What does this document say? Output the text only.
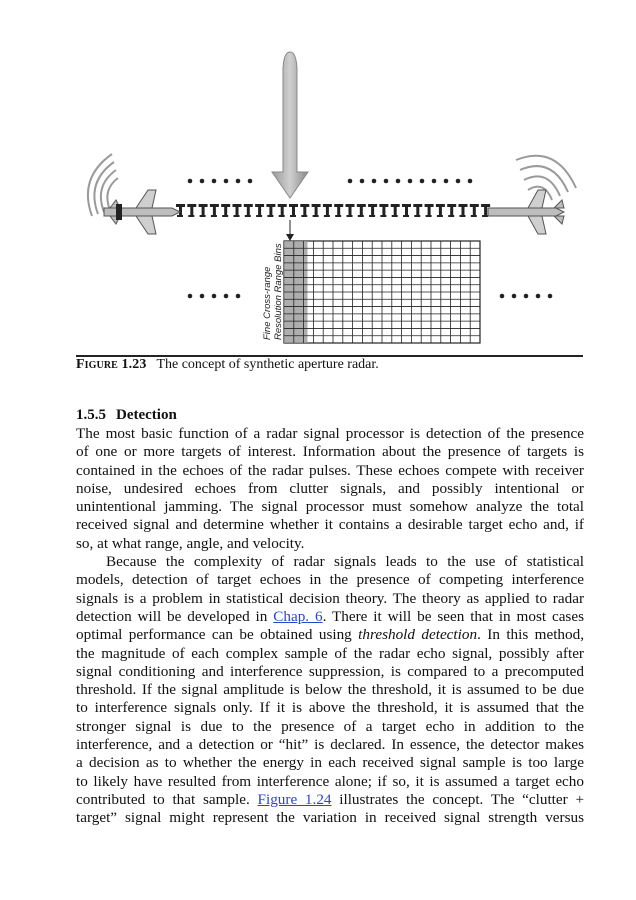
Fine Cross-range Resolution Range Bins
Figure 1.23 The concept of synthetic aperture radar.
1.5.5 Detection
The most basic function of a radar signal processor is detection of the presence
of one or more targets of interest. Information about the presence of targets is
contained in the echoes of the radar pulses. These echoes compete with receiver
noise, undesired echoes from clutter signals, and possibly intentional or
unintentional jamming. The signal processor must somehow analyze the total
received signal and determine whether it contains a desirable target echo and, if
so, at what range, angle, and velocity.
Because the complexity of radar signals leads to the use of statistical
models, detection of target echoes in the presence of competing interference
signals is a problem in statistical decision theory. The theory as applied to radar
detection will be developed in Chap. 6. There it will be seen that in most cases
optimal performance can be obtained using threshold detection. In this method,
the magnitude of each complex sample of the radar echo signal, possibly after
signal conditioning and interference suppression, is compared to a precomputed
threshold. If the signal amplitude is below the threshold, it is assumed to be due
to interference signals only. If it is above the threshold, it is assumed that the
stronger signal is due to the presence of a target echo in addition to the
interference, and a detection or “hit” is declared. In essence, the detector makes
a decision as to whether the energy in each received signal sample is too large
to likely have resulted from interference alone; if so, it is assumed a target echo
contributed to that sample. Figure 1.24 illustrates the concept. The “clutter +
target” signal might represent the variation in received signal strength versus
